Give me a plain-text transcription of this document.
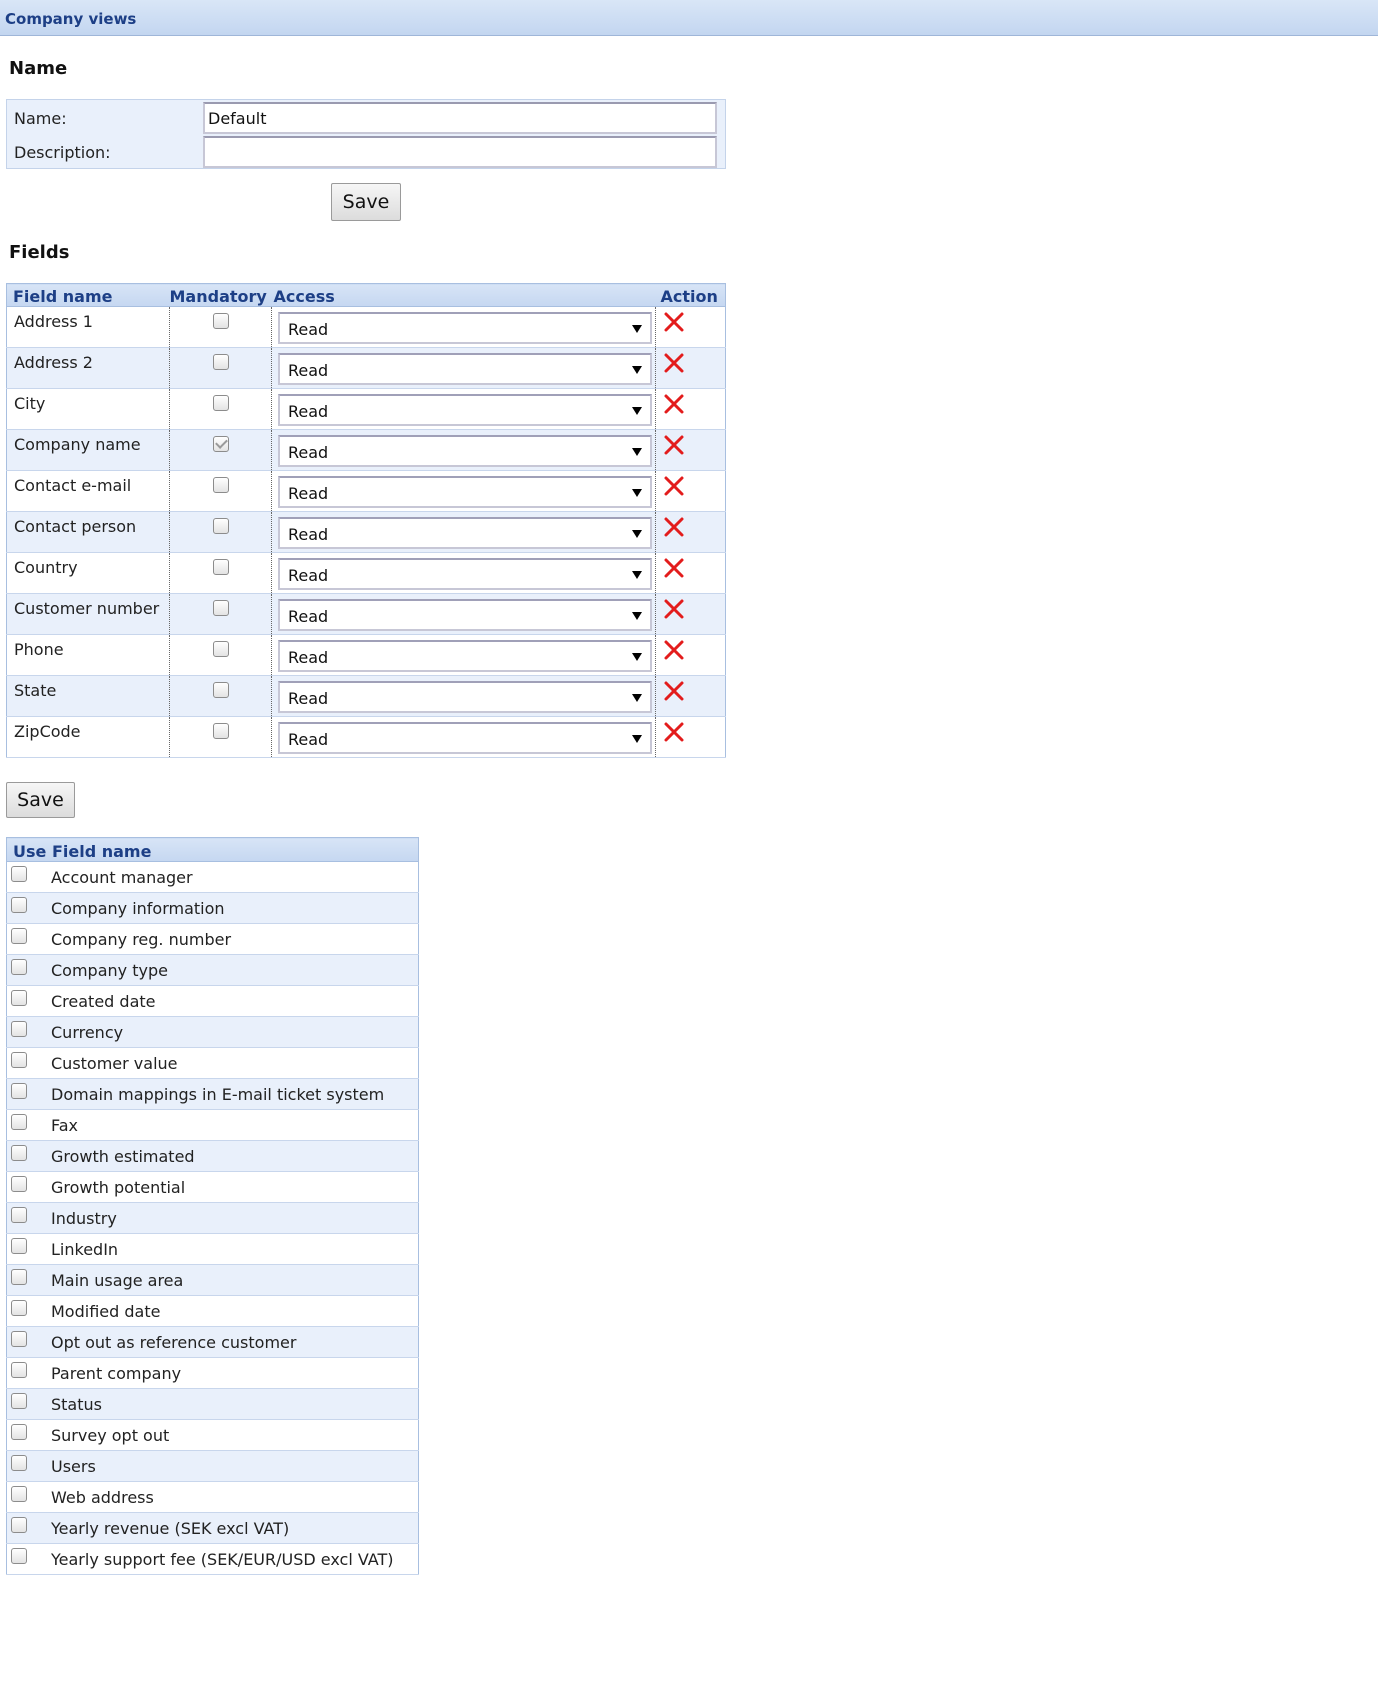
Company views
Name
Name:
Default
Description:
Save
Fields
Field name	Mandatory	Access	Action

Address 1		Read

Address 2		Read

City		Read

Company name		Read

Contact e-mail		Read

Contact person		Read

Country		Read

Customer number		Read

Phone		Read

State		Read

ZipCode		Read

Save
Use Field name

Account manager

Company information

Company reg. number

Company type

Created date

Currency

Customer value

Domain mappings in E-mail ticket system

Fax

Growth estimated

Growth potential

Industry

LinkedIn

Main usage area

Modified date

Opt out as reference customer

Parent company

Status

Survey opt out

Users

Web address

Yearly revenue (SEK excl VAT)

Yearly support fee (SEK/EUR/USD excl VAT)
